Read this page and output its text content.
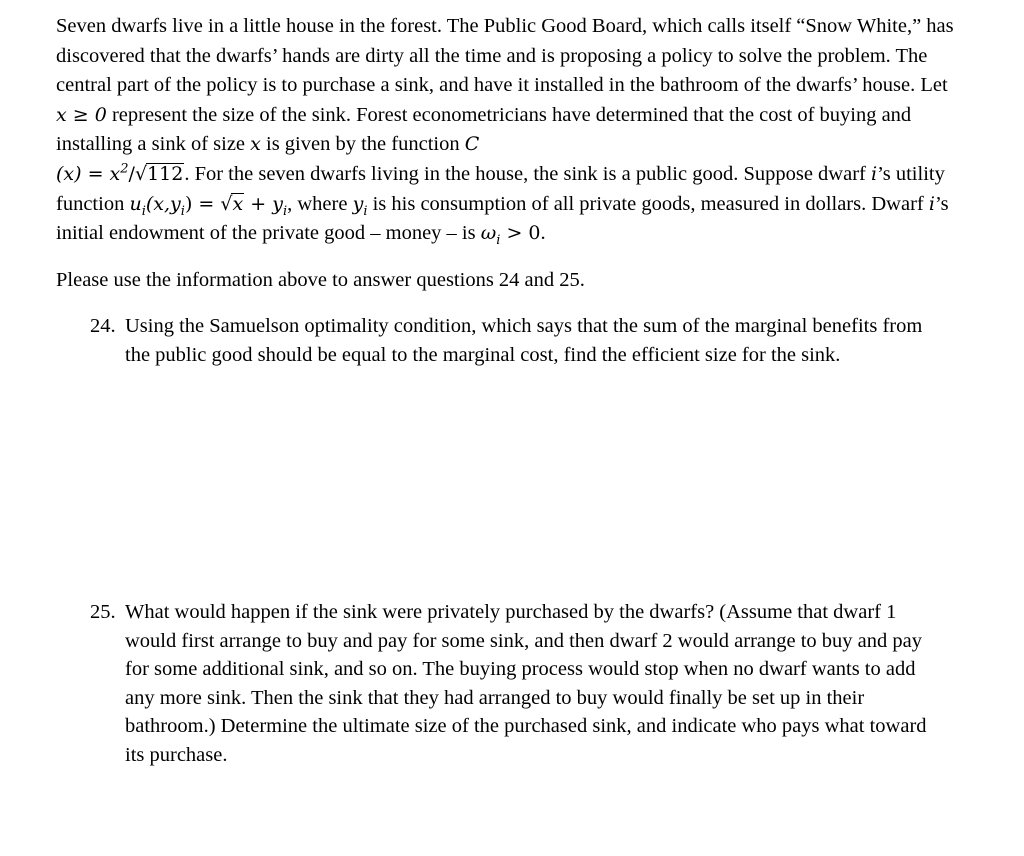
Seven dwarfs live in a little house in the forest. The Public Good Board, which calls itself “Snow White,” has discovered that the dwarfs’ hands are dirty all the time and is proposing a policy to solve the problem. The central part of the policy is to purchase a sink, and have it installed in the bathroom of the dwarfs’ house. Let x ≥ 0 represent the size of the sink. Forest econometricians have determined that the cost of buying and installing a sink of size x is given by the function C
$(x) = x^2/√112$. For the seven dwarfs living in the house, the sink is a public good. Suppose dwarf i’s utility function $u_i(x,y_i) = √x + y_i$, where $y_i$ is his consumption of all private goods, measured in dollars. Dwarf i’s initial endowment of the private good – money – is $\omega_i > 0$.

Please use the information above to answer questions 24 and 25.

24. Using the Samuelson optimality condition, which says that the sum of the marginal benefits from the public good should be equal to the marginal cost, find the efficient size for the sink.
25. What would happen if the sink were privately purchased by the dwarfs? (Assume that dwarf 1 would first arrange to buy and pay for some sink, and then dwarf 2 would arrange to buy and pay for some additional sink, and so on. The buying process would stop when no dwarf wants to add any more sink. Then the sink that they had arranged to buy would finally be set up in their bathroom.) Determine the ultimate size of the purchased sink, and indicate who pays what toward its purchase.
